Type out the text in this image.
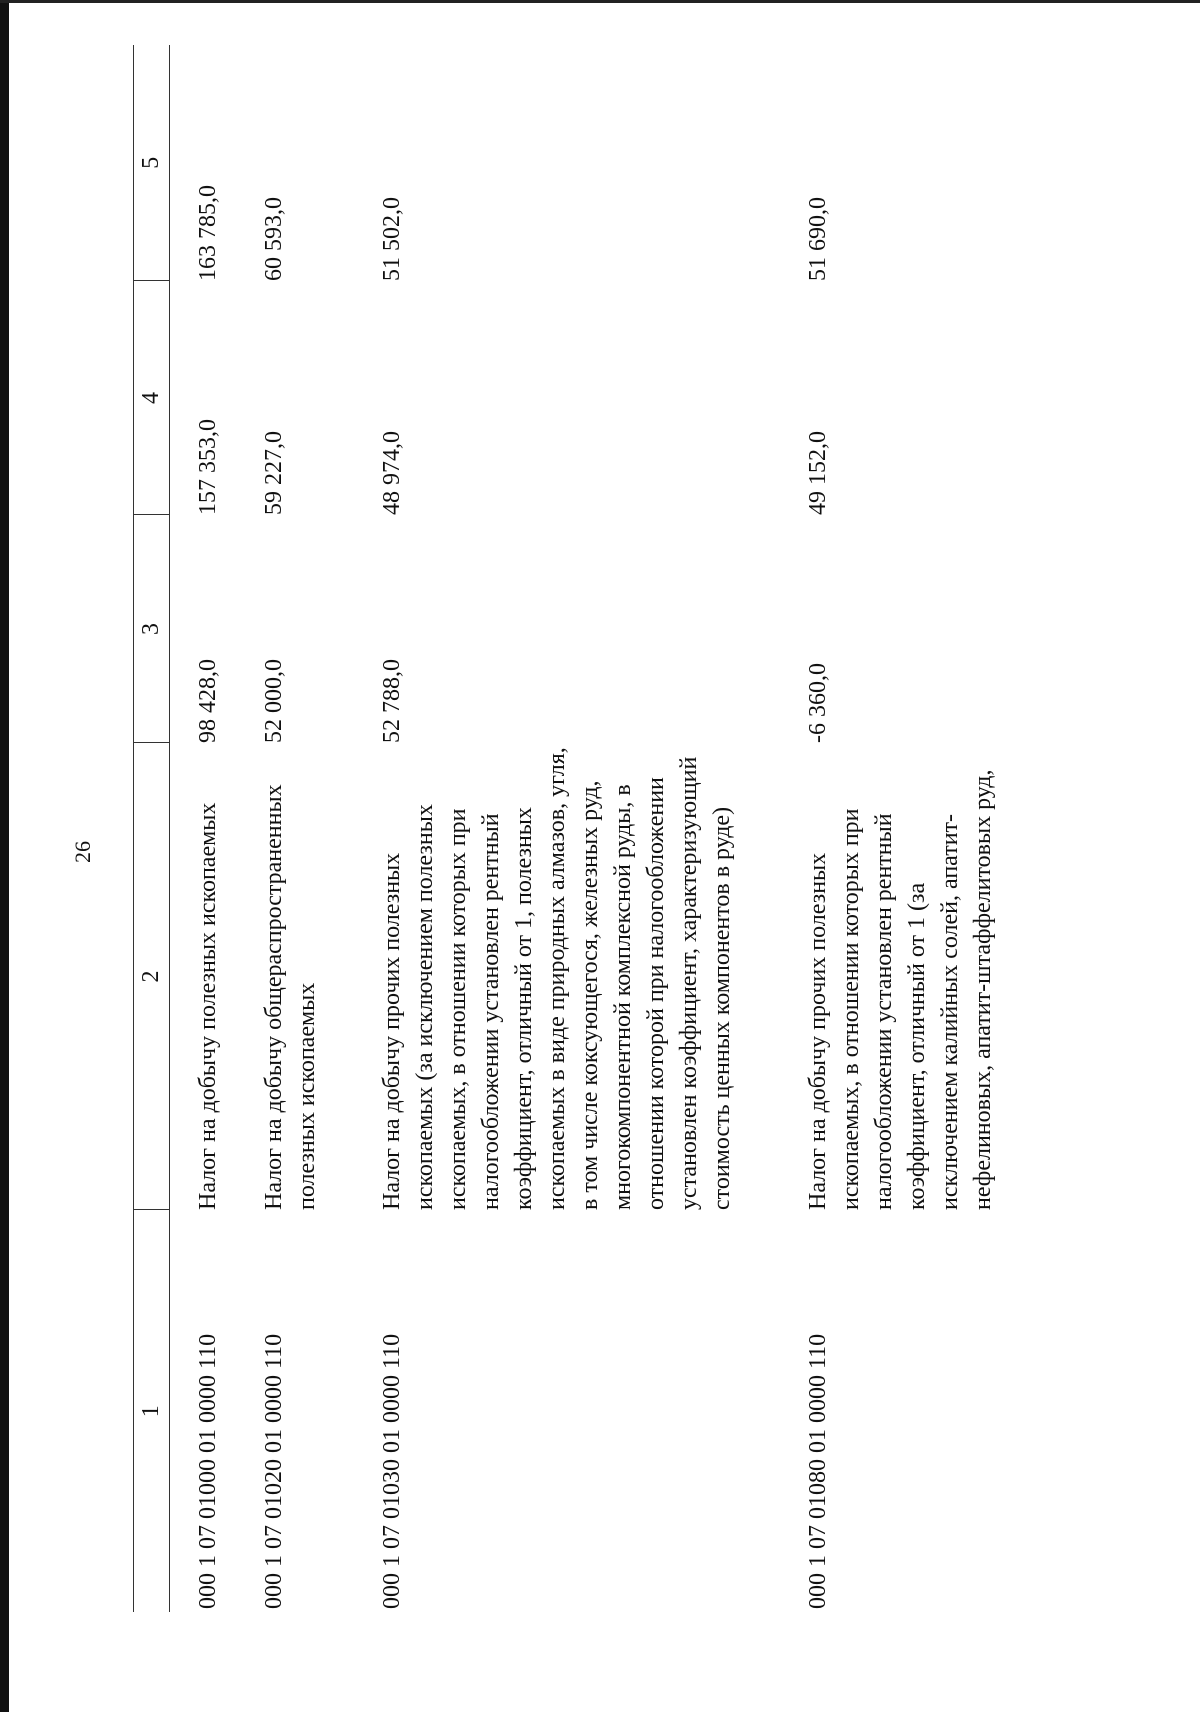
26
1	2	3	4	5

000 1 07 01000 01 0000 110	Налог на добычу полезных ископаемых	98 428,0	157 353,0	163 785,0
000 1 07 01020 01 0000 110	Налог на добычу общераспространенных полезных ископаемых	52 000,0	59 227,0	60 593,0
000 1 07 01030 01 0000 110	Налог на добычу прочих полезных ископаемых (за исключением полезных ископаемых, в отношении которых при налогообложении установлен рентный коэффициент, отличный от 1, полезных ископаемых в виде природных алмазов, угля, в том числе коксующегося, железных руд, многокомпонентной комплексной руды, в отношении которой при налогообложении установлен коэффициент, характеризующий стоимость ценных компонентов в руде)	52 788,0	48 974,0	51 502,0
000 1 07 01080 01 0000 110	Налог на добычу прочих полезных ископаемых, в отношении которых при налогообложении установлен рентный коэффициент, отличный от 1 (за исключением калийных солей, апатит-нефелиновых, апатит-штаффелитовых руд,	-6 360,0	49 152,0	51 690,0
